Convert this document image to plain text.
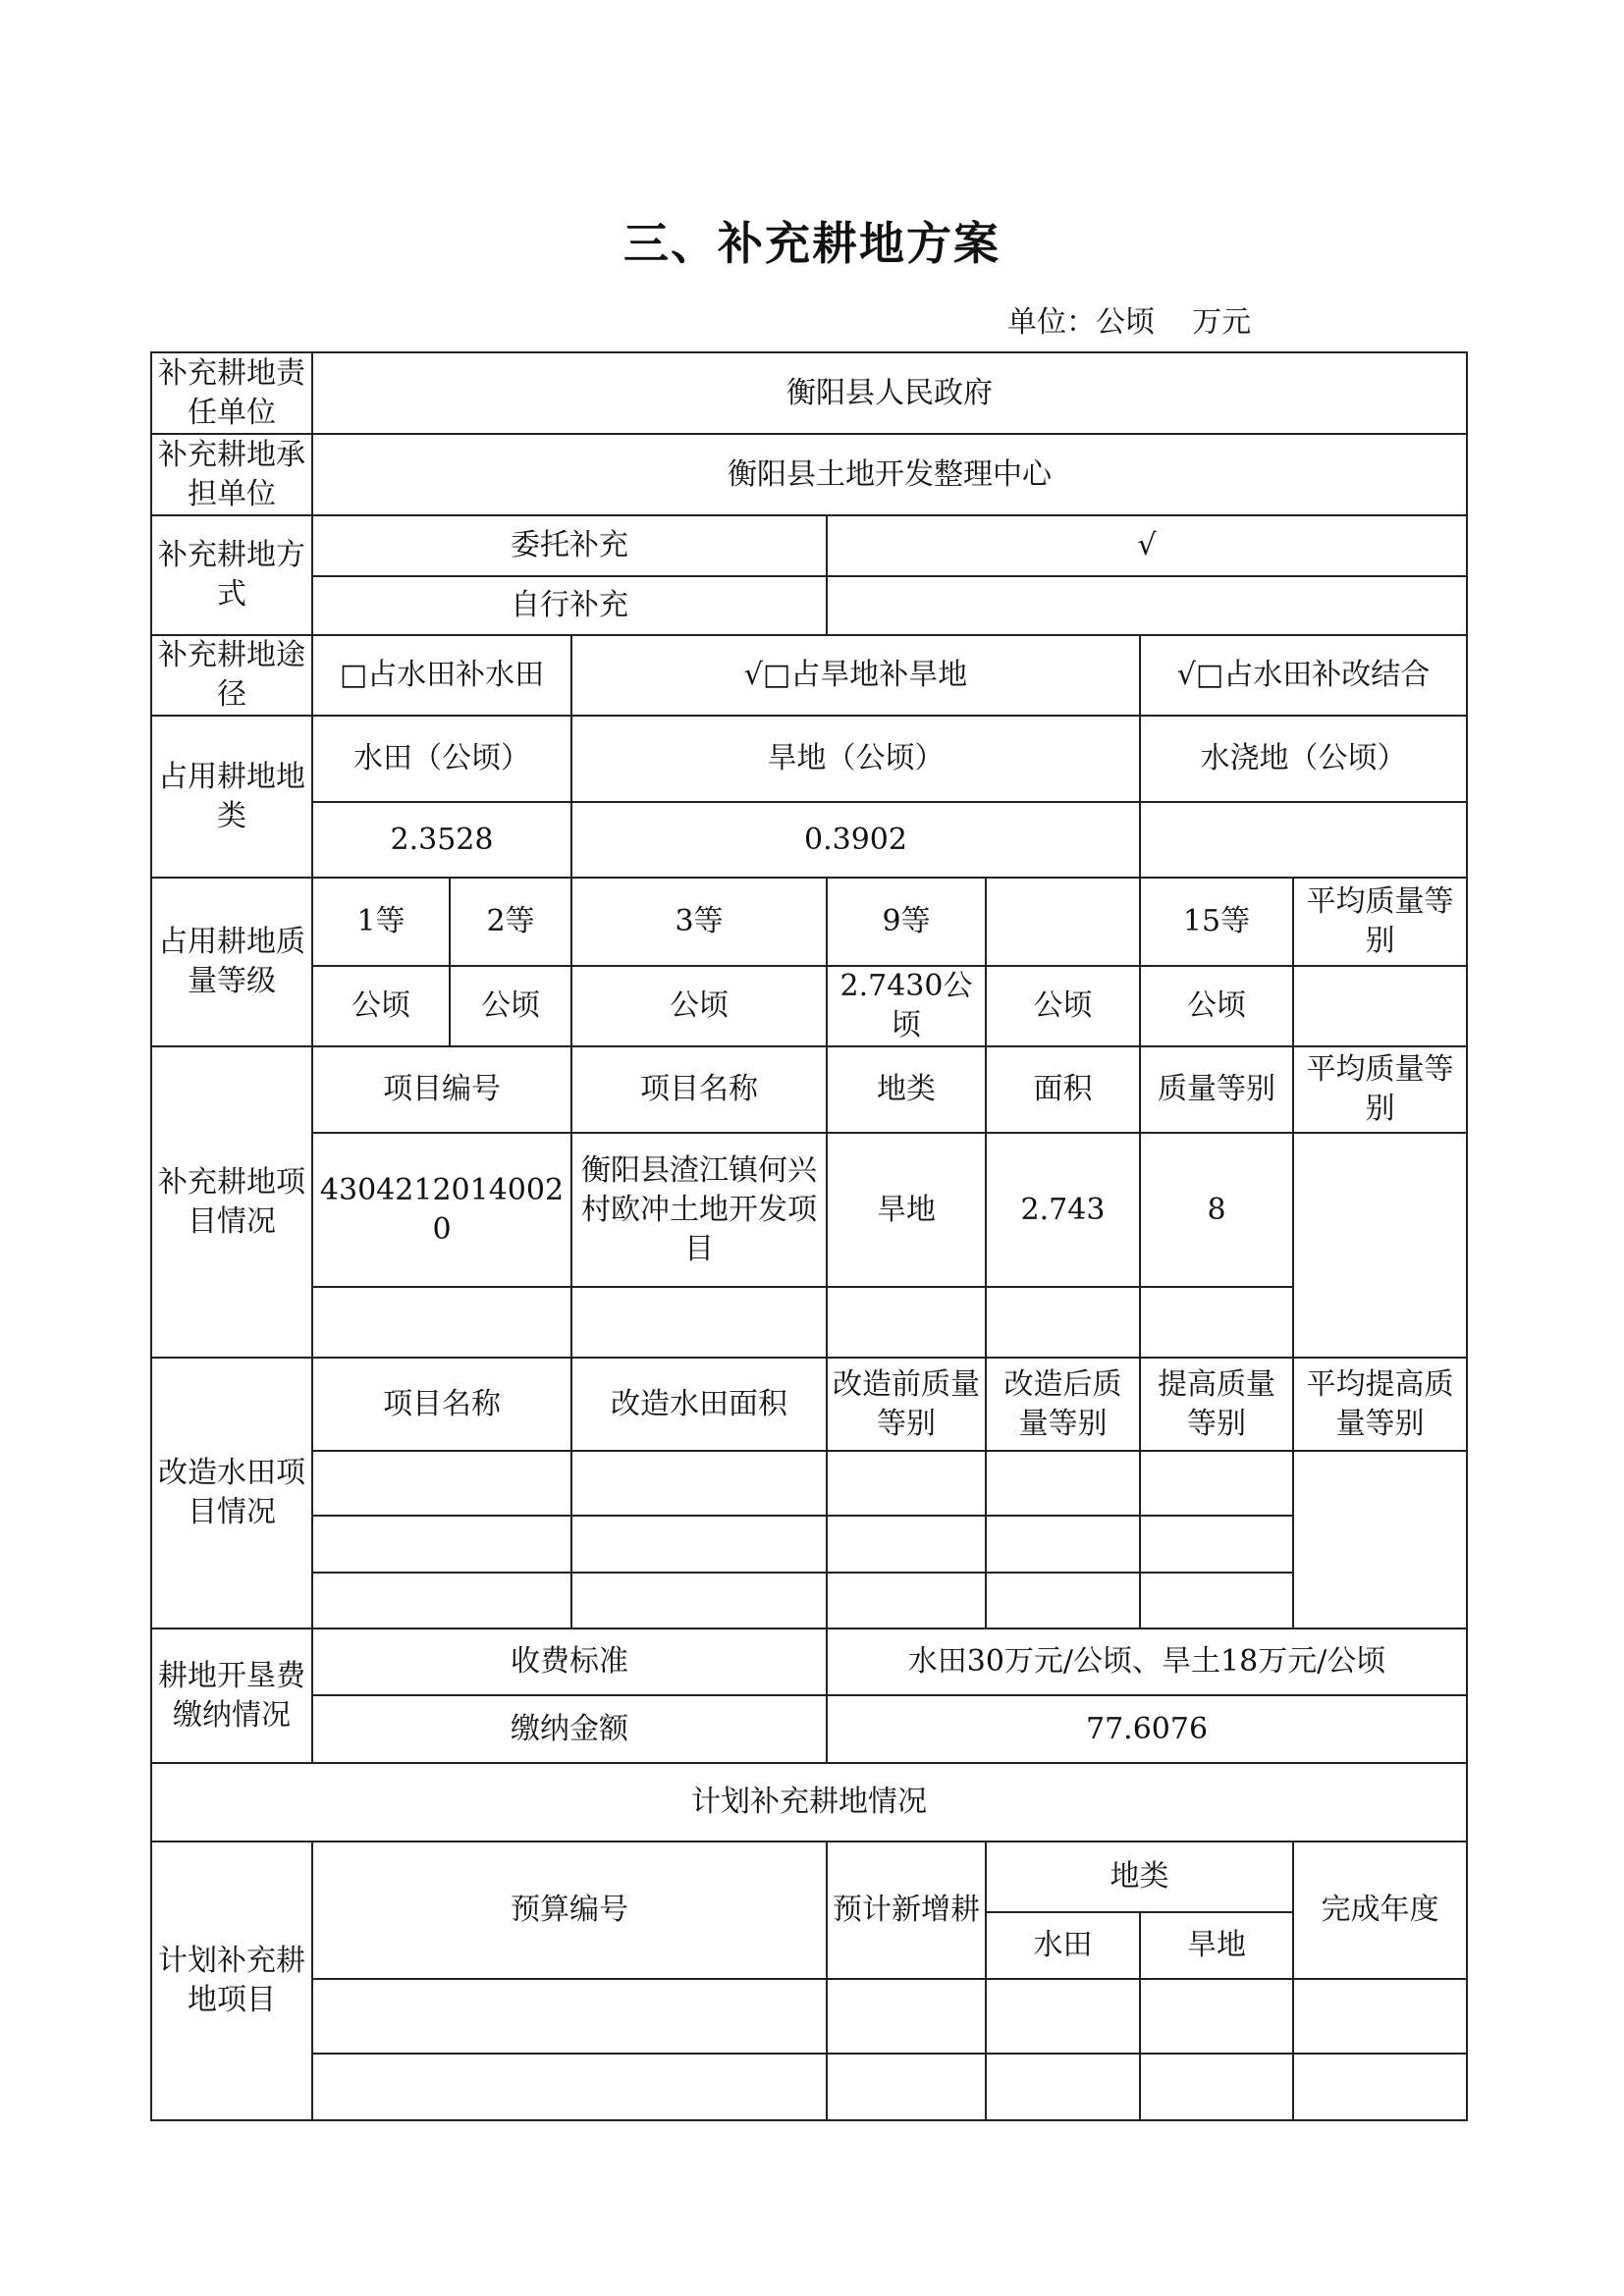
三、补充耕地方案
单位：公顷    万元
补充耕地责任单位	衡阳县人民政府						
补充耕地承担单位	衡阳县土地开发整理中心						
补充耕地方式	委托补充			√			
	自行补充						
补充耕地途径	□占水田补水田		√□占旱地补旱地			√□占水田补改结合	
占用耕地地类	水田（公顷）		旱地（公顷）			水浇地（公顷）	
	2.3528		0.3902				
占用耕地质量等级	1等	2等	3等	9等		15等	平均质量等别
	公顷	公顷	公顷	2.7430公顷	公顷	公顷	
补充耕地项目情况	项目编号		项目名称	地类	面积	质量等别	平均质量等别
	43042120140020		衡阳县渣江镇何兴村欧冲土地开发项目	旱地	2.743	8	

改造水田项目情况	项目名称		改造水田面积	改造前质量等别	改造后质量等别	提高质量等别	平均提高质量等别

耕地开垦费缴纳情况	收费标准			水田30万元/公顷、旱土18万元/公顷			
	缴纳金额			77.6076			
计划补充耕地情况							
计划补充耕地项目	预算编号			预计新增耕	地类		完成年度
					水田	旱地	
